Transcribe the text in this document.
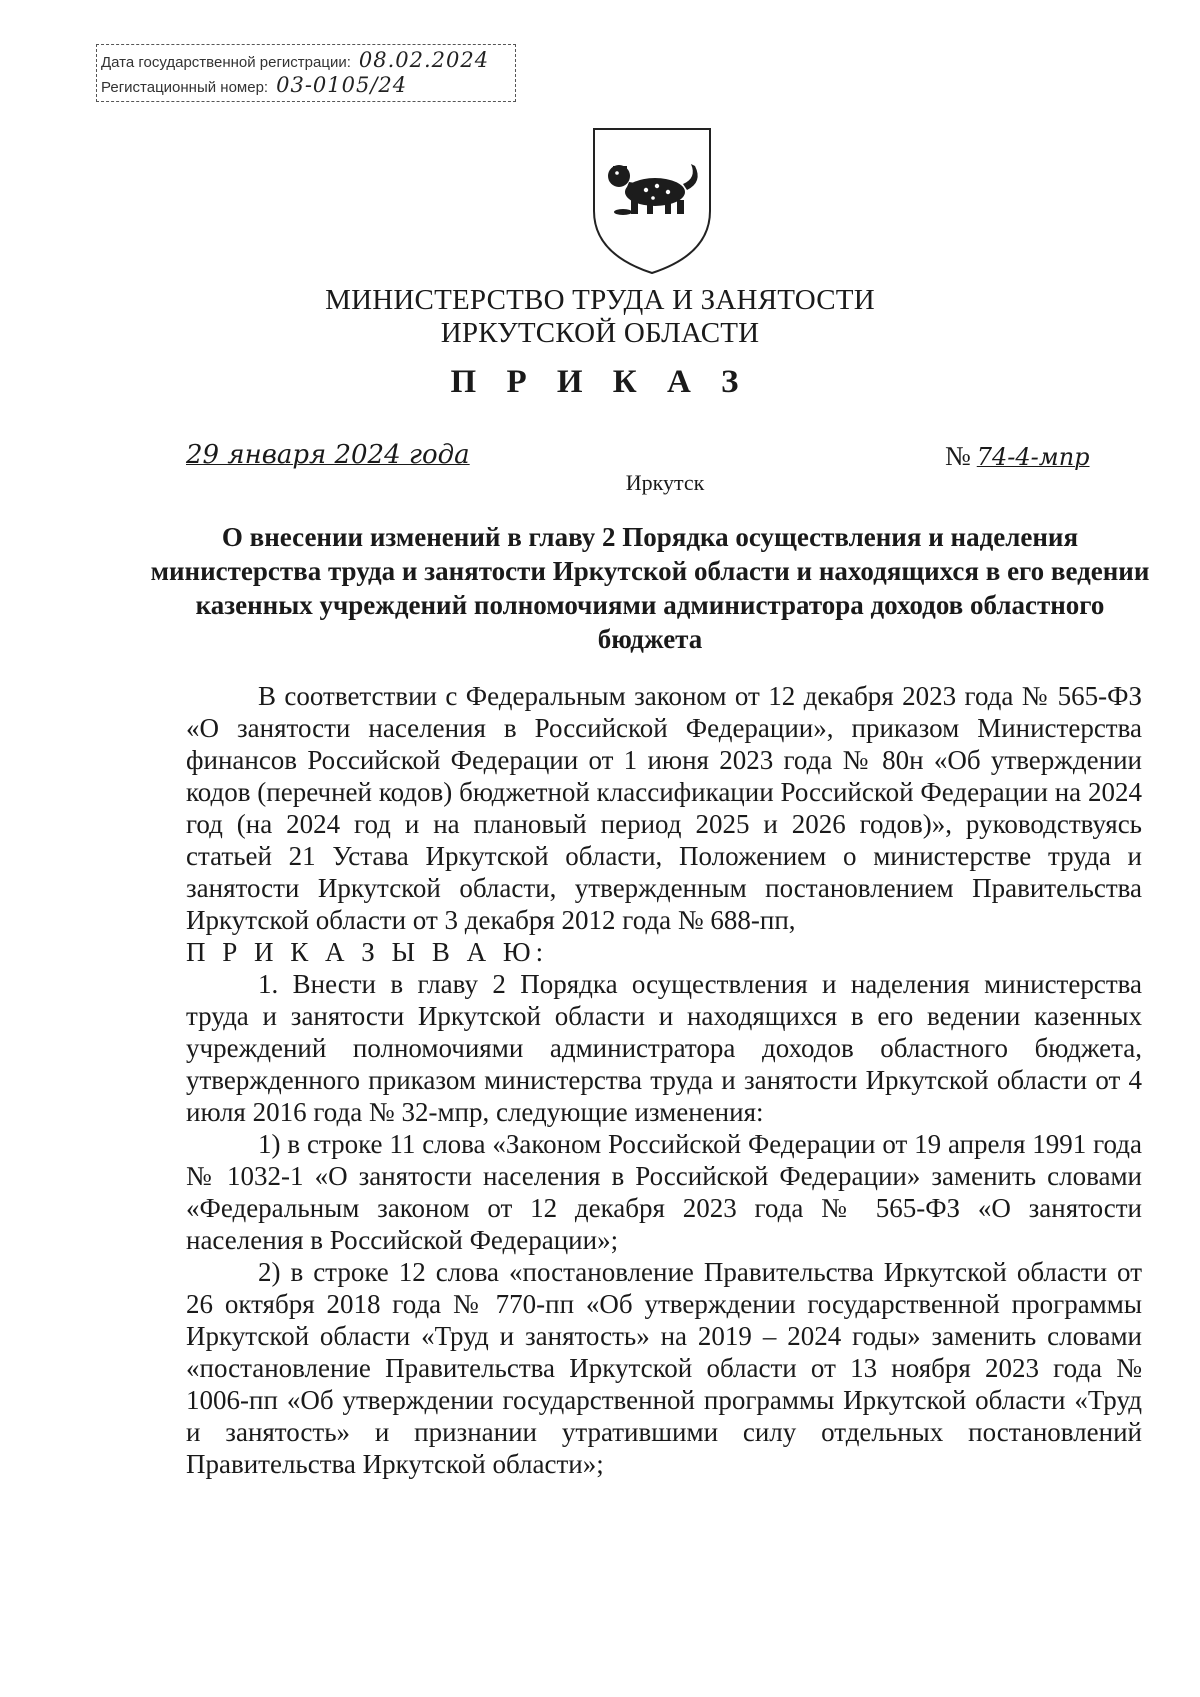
Дата государственной регистрации: 08.02.2024
Регистационный номер: 03-0105/24
МИНИСТЕРСТВО ТРУДА И ЗАНЯТОСТИ
ИРКУТСКОЙ ОБЛАСТИ
П Р И К А З
29 января 2024 года	№ 74-4-мпр
Иркутск
О внесении изменений в главу 2 Порядка осуществления и наделения министерства труда и занятости Иркутской области и находящихся в его ведении казенных учреждений полномочиями администратора доходов областного бюджета

В соответствии с Федеральным законом от 12 декабря 2023 года № 565-ФЗ «О занятости населения в Российской Федерации», приказом Министерства финансов Российской Федерации от 1 июня 2023 года № 80н «Об утверждении кодов (перечней кодов) бюджетной классификации Российской Федерации на 2024 год (на 2024 год и на плановый период 2025 и 2026 годов)», руководствуясь статьей 21 Устава Иркутской области, Положением о министерстве труда и занятости Иркутской области, утвержденным постановлением Правительства Иркутской области от 3 декабря 2012 года № 688-пп,

П Р И К А З Ы В А Ю:

1. Внести в главу 2 Порядка осуществления и наделения министерства труда и занятости Иркутской области и находящихся в его ведении казенных учреждений полномочиями администратора доходов областного бюджета, утвержденного приказом министерства труда и занятости Иркутской области от 4 июля 2016 года № 32-мпр, следующие изменения:

1) в строке 11 слова «Законом Российской Федерации от 19 апреля 1991 года № 1032-1 «О занятости населения в Российской Федерации» заменить словами «Федеральным законом от 12 декабря 2023 года № 565-ФЗ «О занятости населения в Российской Федерации»;

2) в строке 12 слова «постановление Правительства Иркутской области от 26 октября 2018 года № 770-пп «Об утверждении государственной программы Иркутской области «Труд и занятость» на 2019 – 2024 годы» заменить словами «постановление Правительства Иркутской области от 13 ноября 2023 года № 1006-пп «Об утверждении государственной программы Иркутской области «Труд и занятость» и признании утратившими силу отдельных постановлений Правительства Иркутской области»;
